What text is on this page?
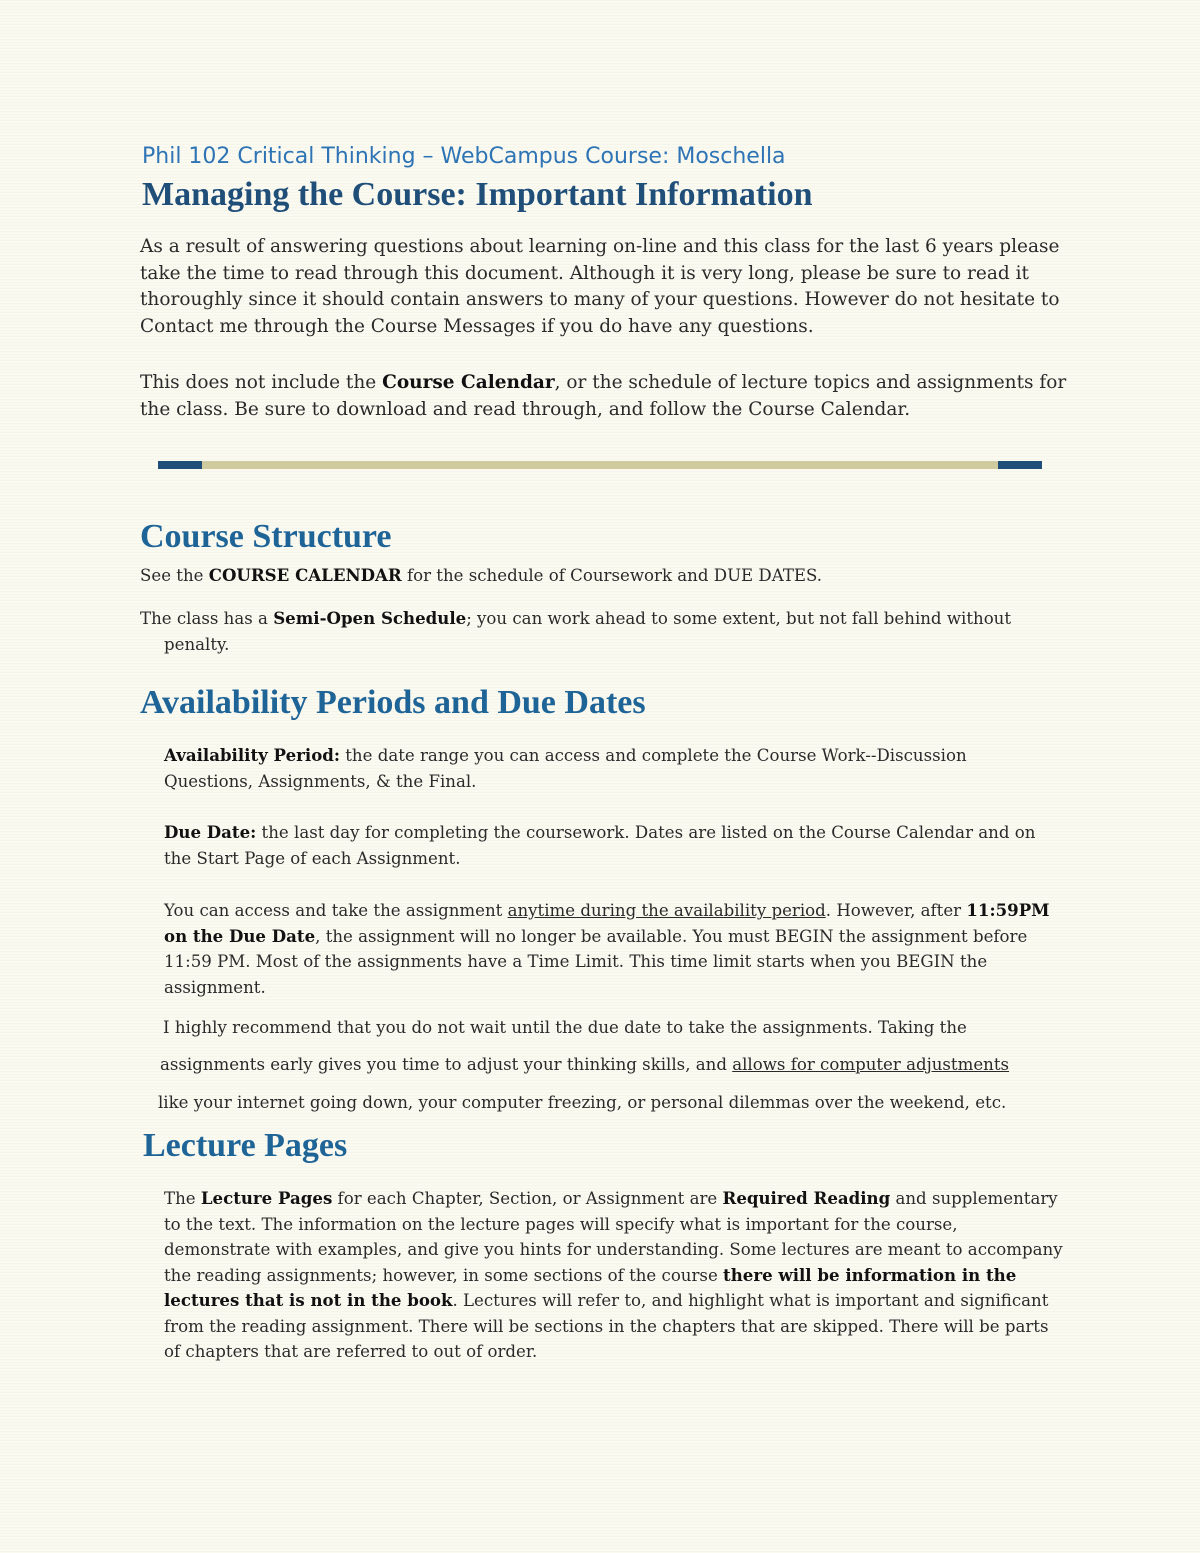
Phil 102 Critical Thinking – WebCampus Course: Moschella
Managing the Course: Important Information

As a result of answering questions about learning on-line and this class for the last 6 years please take the time to read through this document. Although it is very long, please be sure to read it thoroughly since it should contain answers to many of your questions. However do not hesitate to Contact me through the Course Messages if you do have any questions.

This does not include the Course Calendar, or the schedule of lecture topics and assignments for the class. Be sure to download and read through, and follow the Course Calendar.

Course Structure

See the COURSE CALENDAR for the schedule of Coursework and DUE DATES.

The class has a Semi-Open Schedule; you can work ahead to some extent, but not fall behind without penalty.

Availability Periods and Due Dates

Availability Period: the date range you can access and complete the Course Work--Discussion Questions, Assignments, & the Final.

Due Date: the last day for completing the coursework. Dates are listed on the Course Calendar and on the Start Page of each Assignment.

You can access and take the assignment anytime during the availability period. However, after 11:59PM on the Due Date, the assignment will no longer be available. You must BEGIN the assignment before 11:59 PM. Most of the assignments have a Time Limit. This time limit starts when you BEGIN the assignment.

I highly recommend that you do not wait until the due date to take the assignments. Taking the

assignments early gives you time to adjust your thinking skills, and allows for computer adjustments

like your internet going down, your computer freezing, or personal dilemmas over the weekend, etc.

Lecture Pages

The Lecture Pages for each Chapter, Section, or Assignment are Required Reading and supplementary to the text. The information on the lecture pages will specify what is important for the course, demonstrate with examples, and give you hints for understanding. Some lectures are meant to accompany the reading assignments; however, in some sections of the course there will be information in the lectures that is not in the book. Lectures will refer to, and highlight what is important and significant from the reading assignment. There will be sections in the chapters that are skipped. There will be parts of chapters that are referred to out of order.
